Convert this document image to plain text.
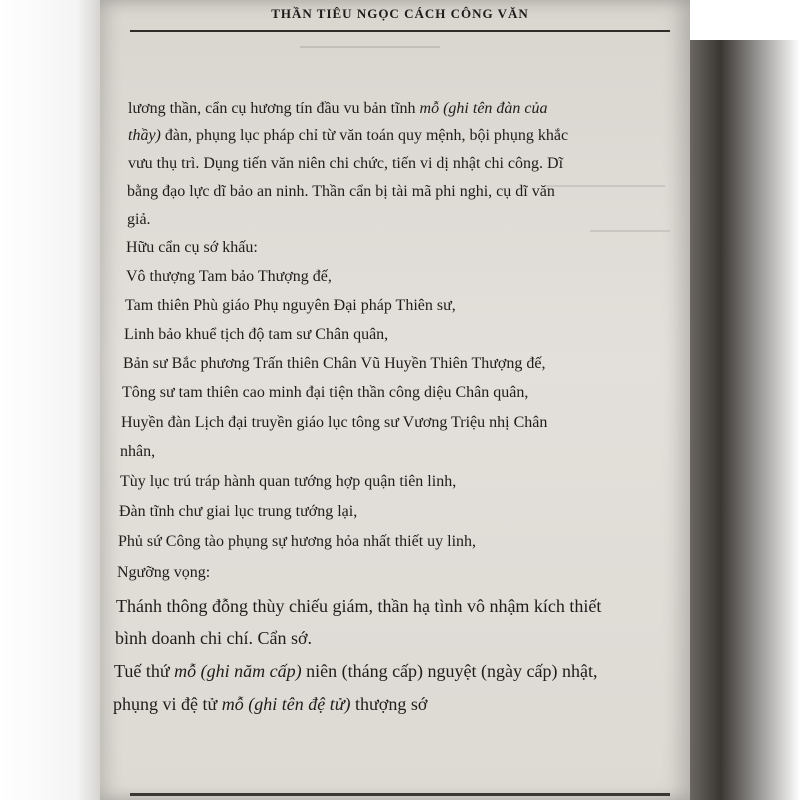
THẦN TIÊU NGỌC CÁCH CÔNG VĂN
lương thần, cẩn cụ hương tín đầu vu bản tĩnh mỗ (ghi tên đàn của
thầy) đàn, phụng lục pháp chỉ từ văn toán quy mệnh, bội phụng khắc
vưu thụ trì. Dụng tiến văn niên chi chức, tiến vi dị nhật chi công. Dĩ
bằng đạo lực dĩ bảo an ninh. Thần cẩn bị tài mã phi nghi, cụ dĩ văn
giả.
Hữu cẩn cụ sớ khấu:
Vô thượng Tam bảo Thượng đế,
Tam thiên Phù giáo Phụ nguyên Đại pháp Thiên sư,
Linh bảo khuể tịch độ tam sư Chân quân,
Bản sư Bắc phương Trấn thiên Chân Vũ Huyền Thiên Thượng đế,
Tông sư tam thiên cao minh đại tiện thần công diệu Chân quân,
Huyền đàn Lịch đại truyền giáo lục tông sư Vương Triệu nhị Chân
nhân,
Tùy lục trú tráp hành quan tướng hợp quận tiên linh,
Đàn tĩnh chư giai lục trung tướng lại,
Phủ sứ Công tào phụng sự hương hỏa nhất thiết uy linh,
Ngưỡng vọng:
Thánh thông đỗng thùy chiếu giám, thần hạ tình vô nhậm kích thiết
bình doanh chi chí. Cẩn sớ.
Tuế thứ mỗ (ghi năm cấp) niên (tháng cấp) nguyệt (ngày cấp) nhật,
phụng vi đệ tử mỗ (ghi tên đệ tử) thượng sớ
